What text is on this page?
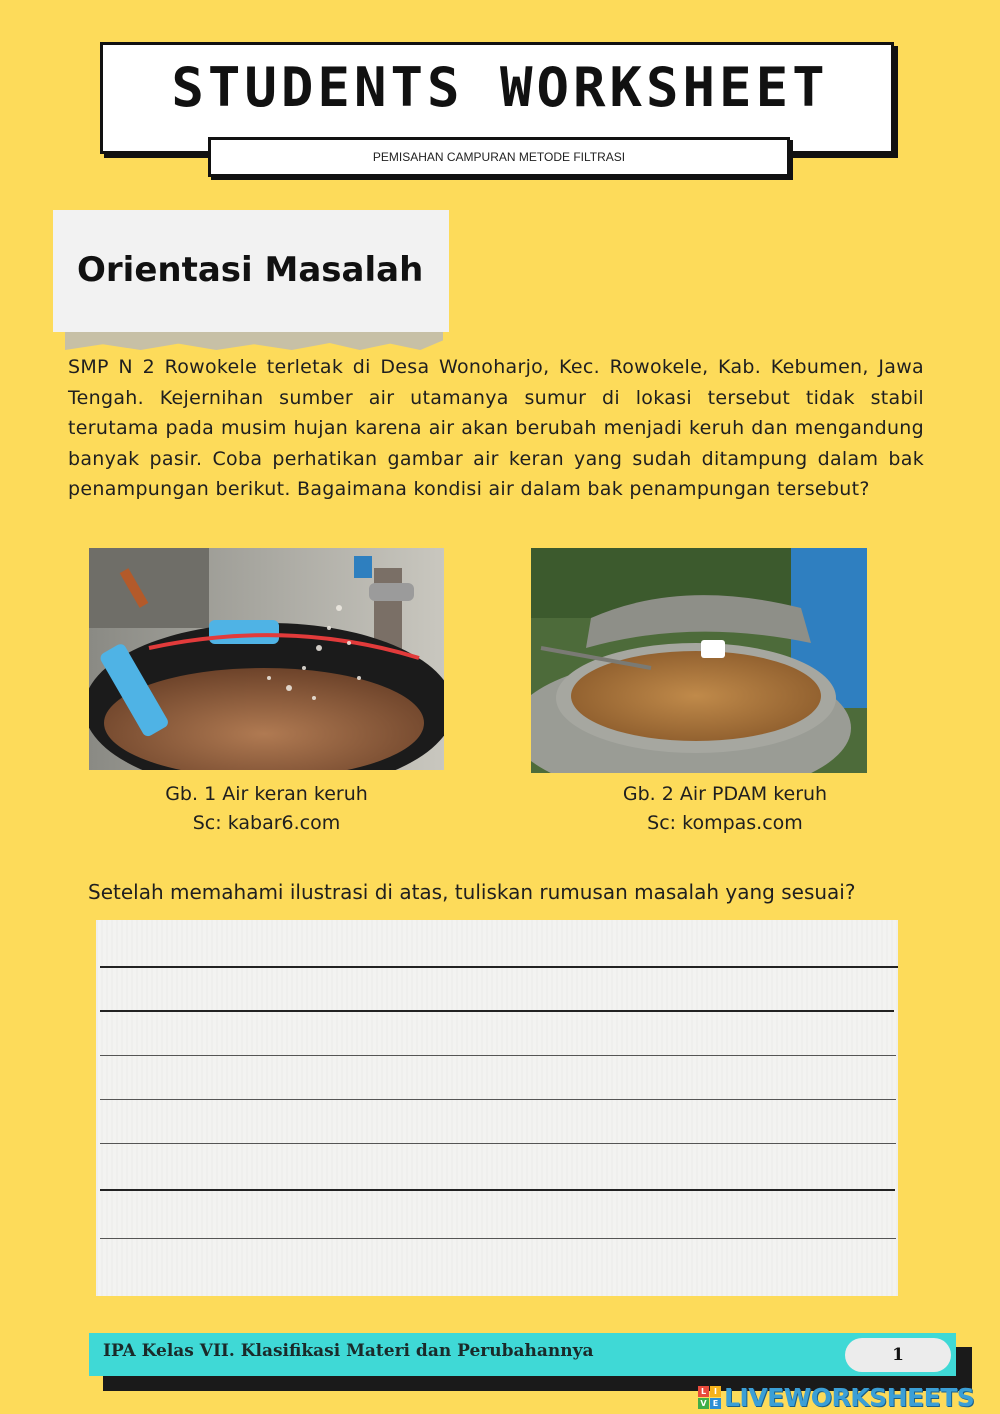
STUDENTS WORKSHEET
PEMISAHAN CAMPURAN METODE FILTRASI
Orientasi Masalah
SMP N 2 Rowokele terletak di Desa Wonoharjo, Kec. Rowokele, Kab. Kebumen, Jawa Tengah. Kejernihan sumber air utamanya sumur di lokasi tersebut tidak stabil terutama pada musim hujan karena air akan berubah menjadi keruh dan mengandung banyak pasir. Coba perhatikan gambar air keran yang sudah ditampung dalam bak penampungan berikut. Bagaimana kondisi air dalam bak penampungan tersebut?
Gb. 1 Air keran keruh
Sc: kabar6.com
Gb. 2 Air PDAM keruh
Sc: kompas.com
Setelah memahami ilustrasi di atas, tuliskan rumusan masalah yang sesuai?
IPA Kelas VII. Klasifikasi Materi dan Perubahannya	1
L I
V E LIVEWORKSHEETS
